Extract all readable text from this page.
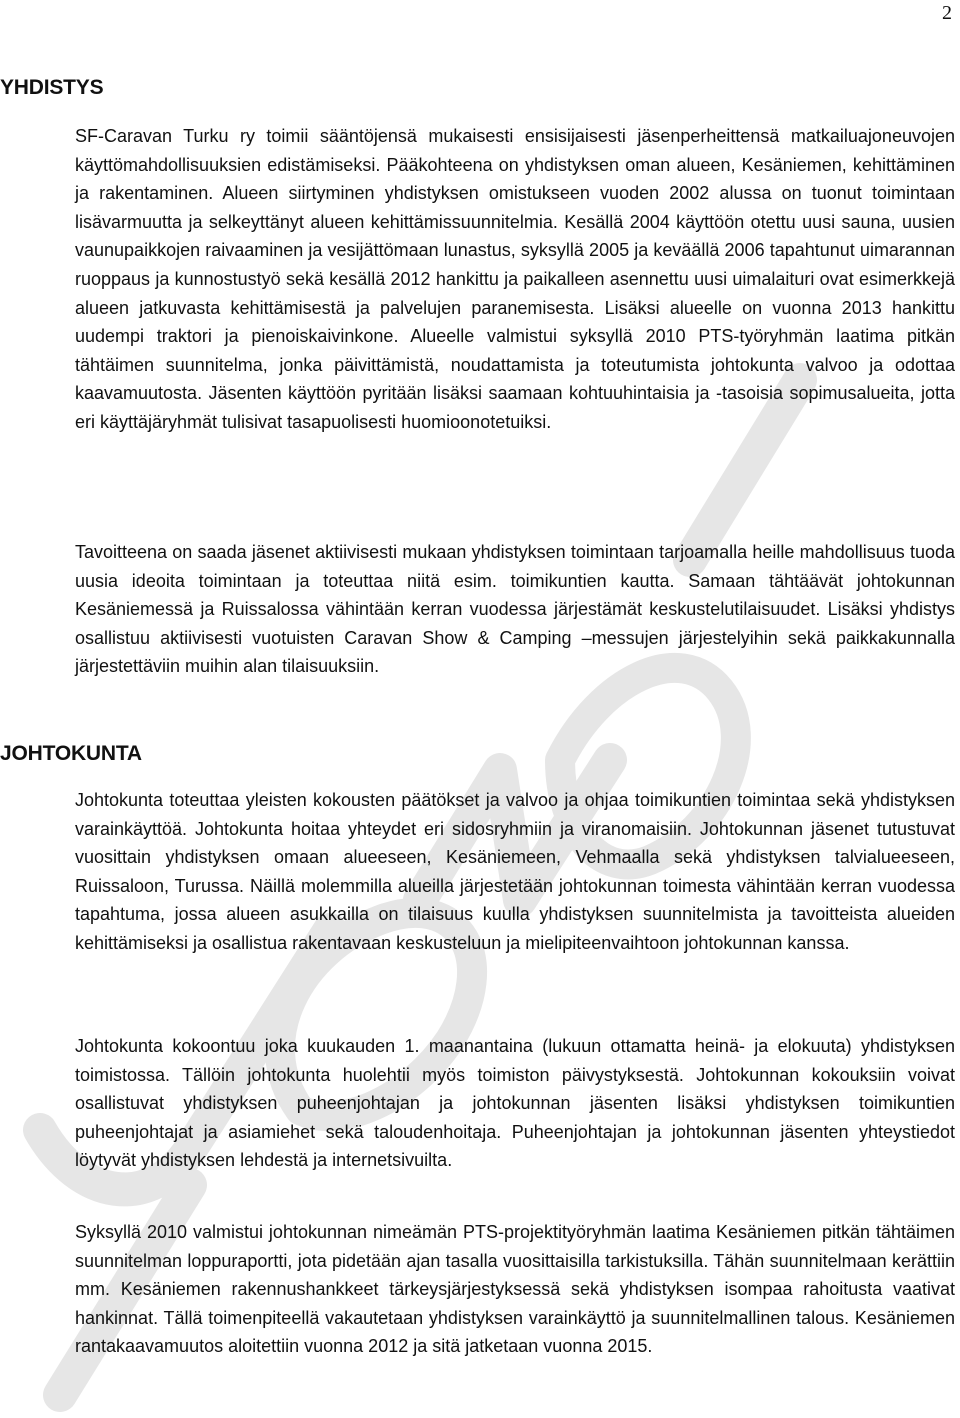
2
YHDISTYS

SF-Caravan Turku ry toimii sääntöjensä mukaisesti ensisijaisesti jäsenperheittensä matkailuajoneuvojen käyttömahdollisuuksien edistämiseksi. Pääkohteena on yhdistyksen oman alueen, Kesäniemen, kehittäminen ja rakentaminen. Alueen siirtyminen yhdistyksen omistukseen vuoden 2002 alussa on tuonut toimintaan lisävarmuutta ja selkeyttänyt alueen kehittämissuunnitelmia. Kesällä 2004 käyttöön otettu uusi sauna, uusien vaunupaikkojen raivaaminen ja vesijättömaan lunastus, syksyllä 2005 ja keväällä 2006 tapahtunut uimarannan ruoppaus ja kunnostustyö sekä kesällä 2012 hankittu ja paikalleen asennettu uusi uimalaituri ovat esimerkkejä alueen jatkuvasta kehittämisestä ja palvelujen paranemisesta. Lisäksi alueelle on vuonna 2013 hankittu uudempi traktori ja pienoiskaivinkone. Alueelle valmistui syksyllä 2010 PTS-työryhmän laatima pitkän tähtäimen suunnitelma, jonka päivittämistä, noudattamista ja toteutumista johtokunta valvoo ja odottaa kaavamuutosta. Jäsenten käyttöön pyritään lisäksi saamaan kohtuuhintaisia ja -tasoisia sopimusalueita, jotta eri käyttäjäryhmät tulisivat tasapuolisesti huomioonotetuiksi.

Tavoitteena on saada jäsenet aktiivisesti mukaan yhdistyksen toimintaan tarjoamalla heille mahdollisuus tuoda uusia ideoita toimintaan ja toteuttaa niitä esim. toimikuntien kautta. Samaan tähtäävät johtokunnan Kesäniemessä ja Ruissalossa vähintään kerran vuodessa järjestämät keskustelutilaisuudet. Lisäksi yhdistys osallistuu aktiivisesti vuotuisten Caravan Show & Camping –messujen järjestelyihin sekä paikkakunnalla järjestettäviin muihin alan tilaisuuksiin.

JOHTOKUNTA

Johtokunta toteuttaa yleisten kokousten päätökset ja valvoo ja ohjaa toimikuntien toimintaa sekä yhdistyksen varainkäyttöä. Johtokunta hoitaa yhteydet eri sidosryhmiin ja viranomaisiin. Johtokunnan jäsenet tutustuvat vuosittain yhdistyksen omaan alueeseen, Kesäniemeen, Vehmaalla sekä yhdistyksen talvialueeseen, Ruissaloon, Turussa. Näillä molemmilla alueilla järjestetään johtokunnan toimesta vähintään kerran vuodessa tapahtuma, jossa alueen asukkailla on tilaisuus kuulla yhdistyksen suunnitelmista ja tavoitteista alueiden kehittämiseksi ja osallistua rakentavaan keskusteluun ja mielipiteenvaihtoon johtokunnan kanssa.

Johtokunta kokoontuu joka kuukauden 1. maanantaina (lukuun ottamatta heinä- ja elokuuta) yhdistyksen toimistossa. Tällöin johtokunta huolehtii myös toimiston päivystyksestä. Johtokunnan kokouksiin voivat osallistuvat yhdistyksen puheenjohtajan ja johtokunnan jäsenten lisäksi yhdistyksen toimikuntien puheenjohtajat ja asiamiehet sekä taloudenhoitaja. Puheenjohtajan ja johtokunnan jäsenten yhteystiedot löytyvät yhdistyksen lehdestä ja internetsivuilta.

Syksyllä 2010 valmistui johtokunnan nimeämän PTS-projektityöryhmän laatima Kesäniemen pitkän tähtäimen suunnitelman loppuraportti, jota pidetään ajan tasalla vuosittaisilla tarkistuksilla. Tähän suunnitelmaan kerättiin mm. Kesäniemen rakennushankkeet tärkeysjärjestyksessä sekä yhdistyksen isompaa rahoitusta vaativat hankinnat. Tällä toimenpiteellä vakautetaan yhdistyksen varainkäyttö ja suunnitelmallinen talous. Kesäniemen rantakaavamuutos aloitettiin vuonna 2012 ja sitä jatketaan vuonna 2015.
